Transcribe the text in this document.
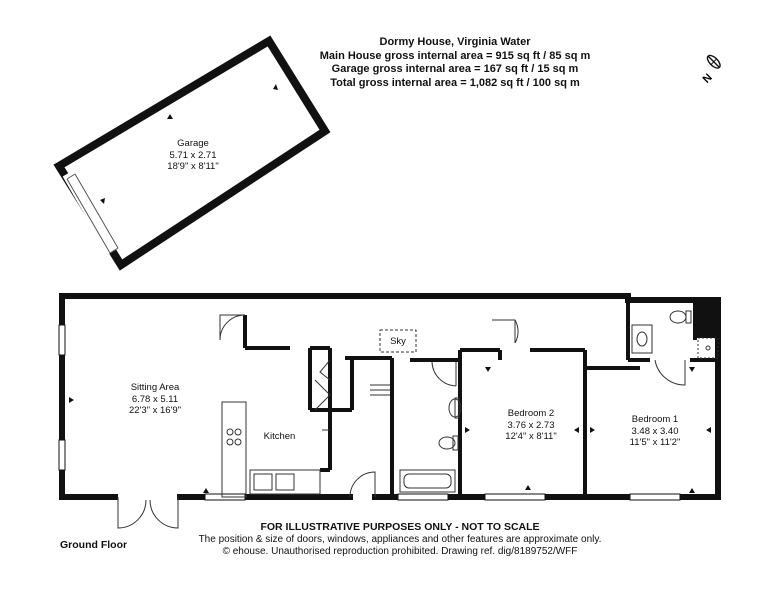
Dormy House, Virginia Water
Main House gross internal area = 915 sq ft / 85 sq m
Garage gross internal area = 167 sq ft / 15 sq m
Total gross internal area = 1,082 sq ft / 100 sq m	N
Garage
5.71 x 2.71
18'9" x 8'11"
Sitting Area
6.78 x 5.11
22'3" x 16'9"
Kitchen
Sky
Bedroom 2
3.76 x 2.73
12'4" x 8'11"
Bedroom 1
3.48 x 3.40
11'5" x 11'2"
Ground Floor
FOR ILLUSTRATIVE PURPOSES ONLY - NOT TO SCALE
The position & size of doors, windows, appliances and other features are approximate only.
© ehouse. Unauthorised reproduction prohibited. Drawing ref. dig/8189752/WFF
